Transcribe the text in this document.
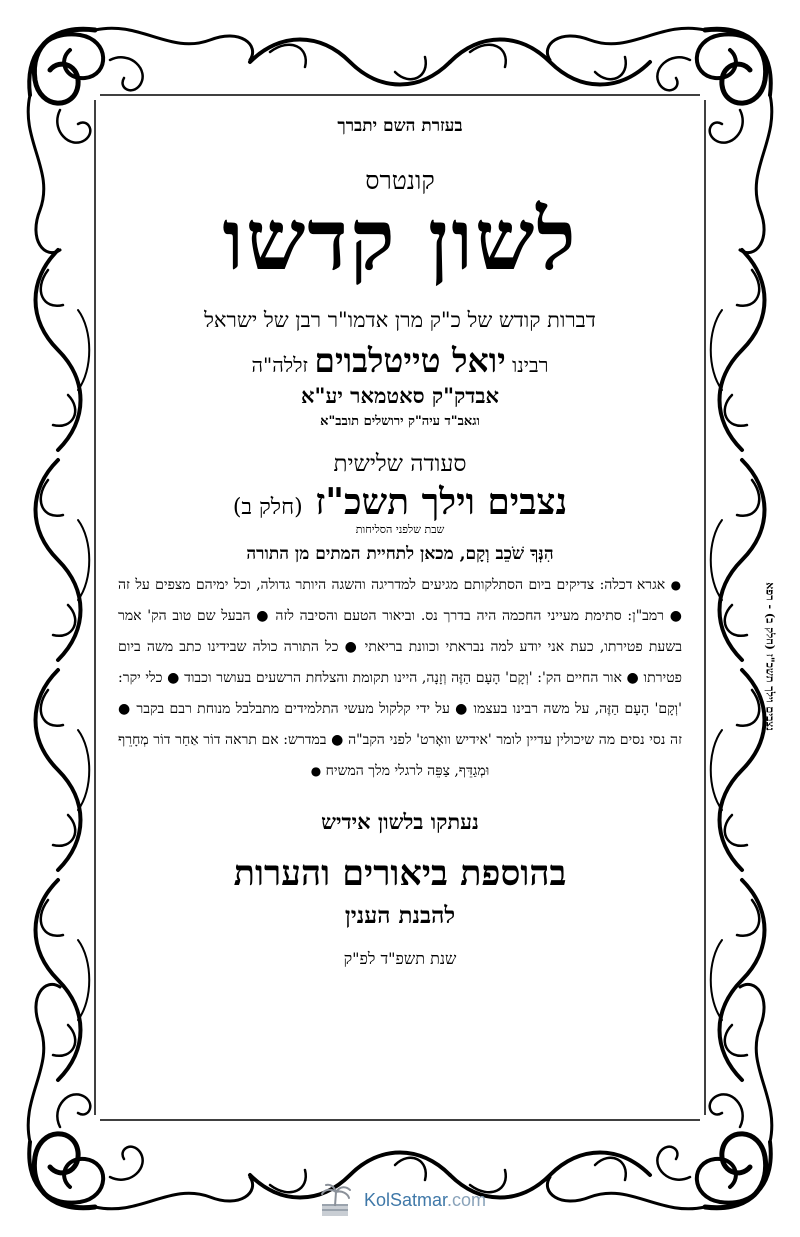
בעזרת השם יתברך
קונטרס
לשון קדשו
דברות קודש של כ"ק מרן אדמו"ר רבן של ישראל
רבינו יואל טייטלבוים זללה"ה
אבדק"ק סאטמאר יע"א
וגאב"ד עיה"ק ירושלים תובב"א
סעודה שלישית
נצבים וילך תשכ"ז (חלק ב)
שבת שלפני הסליחות
הִנְּךָ שֹׁכֵב וְקָם, מכאן לתחיית המתים מן התורה
● אגרא דכלה: צדיקים ביום הסתלקותם מגיעים למדריגה והשגה היותר גדולה, וכל ימיהם מצפים על זה ● רמב"ן: סתימת מעייני החכמה היה בדרך נס. וביאור הטעם והסיבה לזה ● הבעל שם טוב הק' אמר בשעת פטירתו, כעת אני יודע למה נבראתי וכוונת בריאתי ● כל התורה כולה שבידינו כתב משה ביום פטירתו ● אור החיים הק': 'וְקָם' הָעָם הַזֶּה וְזָנָה, היינו תקומת והצלחת הרשעים בעושר וכבוד ● כלי יקר: 'וְקָם' הָעָם הַזֶּה, על משה רבינו בעצמו ● על ידי קלקול מעשי התלמידים מתבלבל מנוחת רבם בקבר ● זה נסי נסים מה שיכולין עדיין לומר 'אידיש וואָרט' לפני הקב"ה ● במדרש: אם תראה דוֹר אַחַר דוֹר מְחָרֵף וּמְגַדֵּף, צַפֵּה לרגלי מלך המשיח ●
נעתקו בלשון אידיש
בהוספת ביאורים והערות
להבנת הענין
שנת תשפ"ד לפ"ק
נצבים וילך תשכ"ז (חלק ב) - רפא
KolSatmar.com
